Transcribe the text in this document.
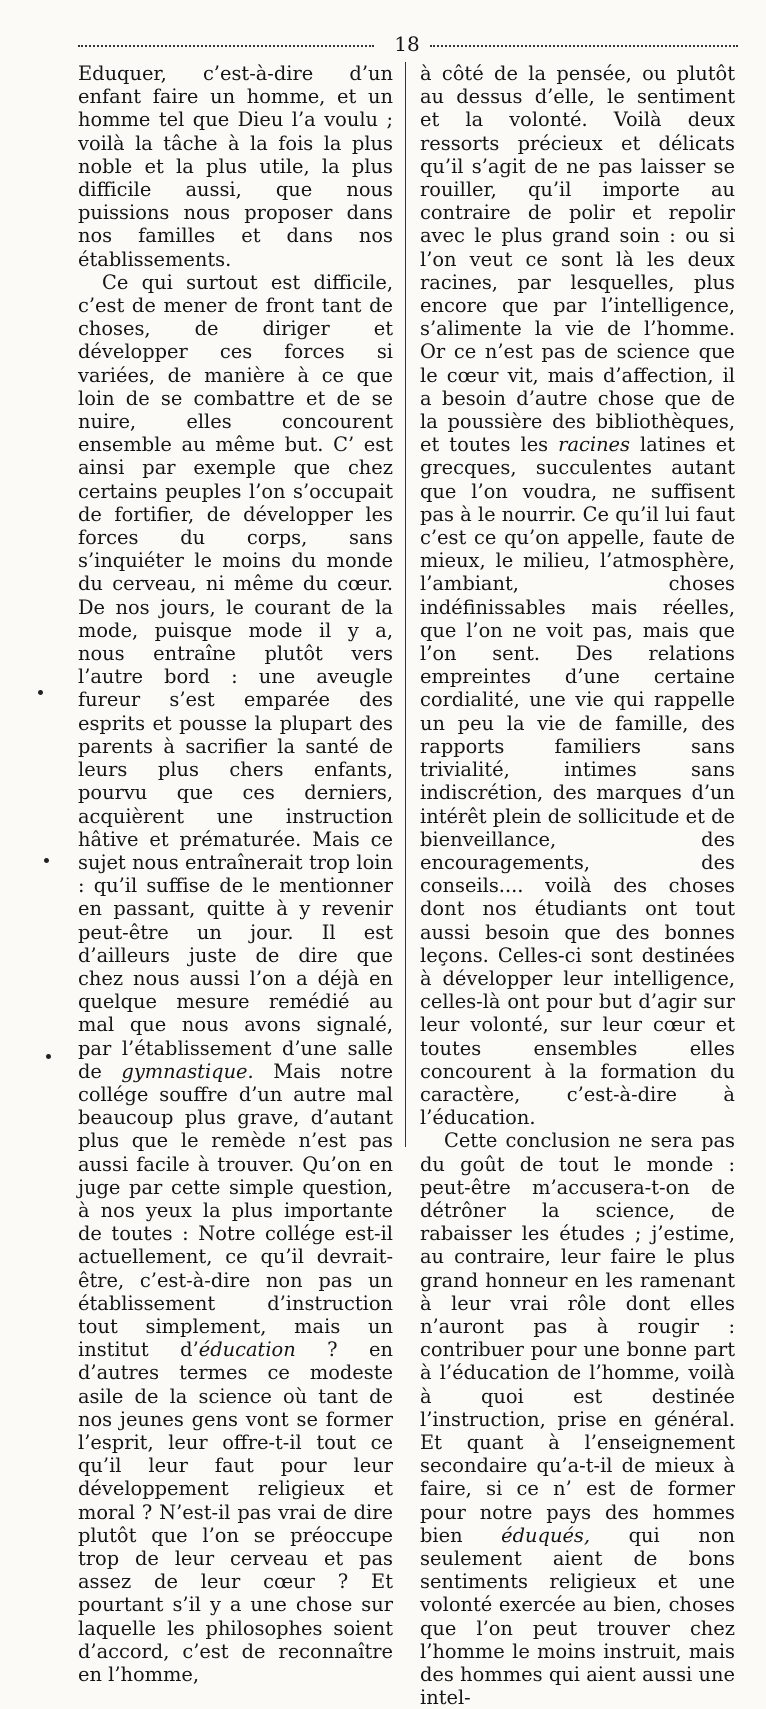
18

Eduquer, c’est-à-dire d’un enfant faire un homme, et un homme tel que Dieu l’a voulu ; voilà la tâche à la fois la plus noble et la plus utile, la plus difficile aussi, que nous puissions nous proposer dans nos familles et dans nos établissements.

Ce qui surtout est difficile, c’est de mener de front tant de choses, de diriger et développer ces forces si variées, de manière à ce que loin de se combattre et de se nuire, elles concourent ensemble au même but. C’ est ainsi par exemple que chez certains peuples l’on s’occupait de fortifier, de développer les forces du corps, sans s’inquiéter le moins du monde du cerveau, ni même du cœur. De nos jours, le courant de la mode, puisque mode il y a, nous entraîne plutôt vers l’autre bord : une aveugle fureur s’est emparée des esprits et pousse la plupart des parents à sacrifier la santé de leurs plus chers enfants, pourvu que ces derniers, acquièrent une instruction hâtive et prématurée. Mais ce sujet nous entraînerait trop loin : qu’il suffise de le mentionner en passant, quitte à y revenir peut-être un jour. Il est d’ailleurs juste de dire que chez nous aussi l’on a déjà en quelque mesure remédié au mal que nous avons signalé, par l’établissement d’une salle de gymnastique. Mais notre collége souffre d’un autre mal beaucoup plus grave, d’autant plus que le remède n’est pas aussi facile à trouver. Qu’on en juge par cette simple question, à nos yeux la plus importante de toutes : Notre collége est-il actuellement, ce qu’il devrait-être, c’est-à-dire non pas un établissement d’instruction tout simplement, mais un institut d’éducation ? en d’autres termes ce modeste asile de la science où tant de nos jeunes gens vont se former l’esprit, leur offre-t-il tout ce qu’il leur faut pour leur développement religieux et moral ? N’est-il pas vrai de dire plutôt que l’on se préoccupe trop de leur cerveau et pas assez de leur cœur ? Et pourtant s’il y a une chose sur laquelle les philosophes soient d’accord, c’est de reconnaître en l’homme,

à côté de la pensée, ou plutôt au dessus d’elle, le sentiment et la volonté. Voilà deux ressorts précieux et délicats qu’il s’agit de ne pas laisser se rouiller, qu’il importe au contraire de polir et repolir avec le plus grand soin : ou si l’on veut ce sont là les deux racines, par lesquelles, plus encore que par l’intelligence, s’alimente la vie de l’homme. Or ce n’est pas de science que le cœur vit, mais d’affection, il a besoin d’autre chose que de la poussière des bibliothèques, et toutes les racines latines et grecques, succulentes autant que l’on voudra, ne suffisent pas à le nourrir. Ce qu’il lui faut c’est ce qu’on appelle, faute de mieux, le milieu, l’atmosphère, l’ambiant, choses indéfinissables mais réelles, que l’on ne voit pas, mais que l’on sent. Des relations empreintes d’une certaine cordialité, une vie qui rappelle un peu la vie de famille, des rapports familiers sans trivialité, intimes sans indiscrétion, des marques d’un intérêt plein de sollicitude et de bienveillance, des encouragements, des conseils.... voilà des choses dont nos étudiants ont tout aussi besoin que des bonnes leçons. Celles-ci sont destinées à développer leur intelligence, celles-là ont pour but d’agir sur leur volonté, sur leur cœur et toutes ensembles elles concourent à la formation du caractère, c’est-à-dire à l’éducation.

Cette conclusion ne sera pas du goût de tout le monde : peut-être m’accusera-t-on de détrôner la science, de rabaisser les études ; j’estime, au contraire, leur faire le plus grand honneur en les ramenant à leur vrai rôle dont elles n’auront pas à rougir : contribuer pour une bonne part à l’éducation de l’homme, voilà à quoi est destinée l’instruction, prise en général. Et quant à l’enseignement secondaire qu’a-t-il de mieux à faire, si ce n’ est de former pour notre pays des hommes bien éduqués, qui non seulement aient de bons sentiments religieux et une volonté exercée au bien, choses que l’on peut trouver chez l’homme le moins instruit, mais des hommes qui aient aussi une intel-
